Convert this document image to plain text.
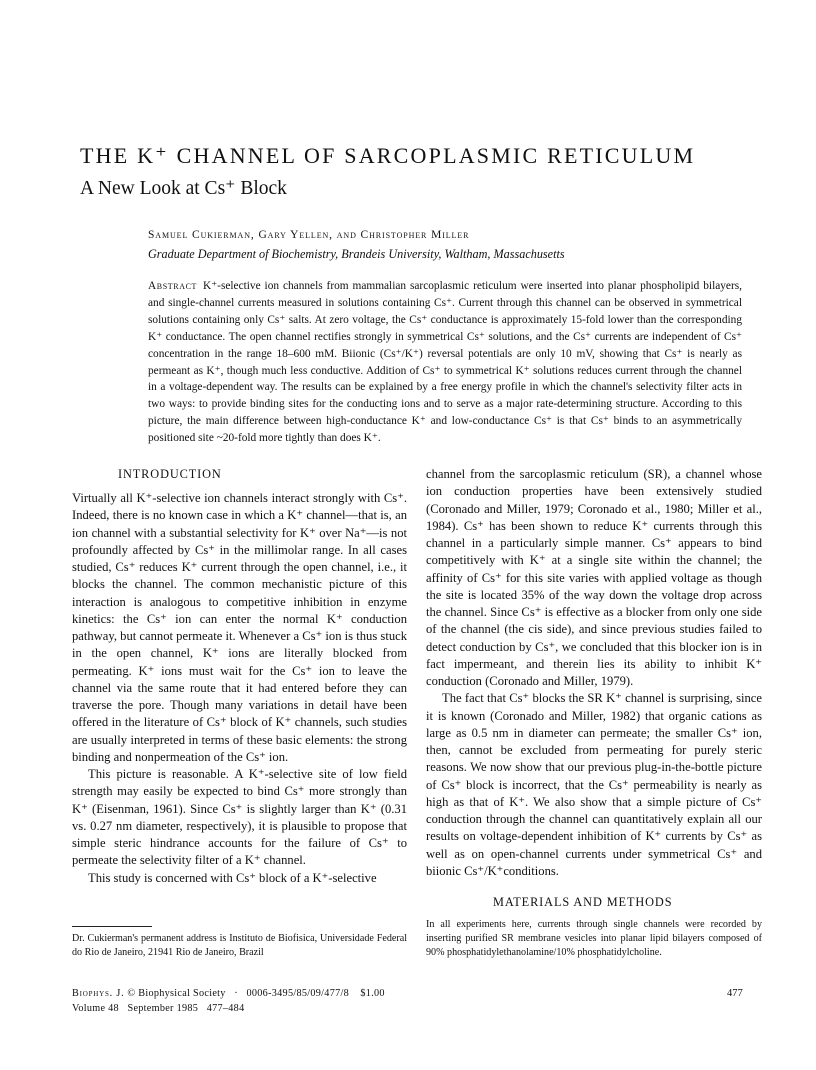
THE K⁺ CHANNEL OF SARCOPLASMIC RETICULUM
A New Look at Cs⁺ Block
Samuel Cukierman, Gary Yellen, and Christopher Miller
Graduate Department of Biochemistry, Brandeis University, Waltham, Massachusetts
Abstract K⁺-selective ion channels from mammalian sarcoplasmic reticulum were inserted into planar phospholipid bilayers, and single-channel currents measured in solutions containing Cs⁺. Current through this channel can be observed in symmetrical solutions containing only Cs⁺ salts. At zero voltage, the Cs⁺ conductance is approximately 15-fold lower than the corresponding K⁺ conductance. The open channel rectifies strongly in symmetrical Cs⁺ solutions, and the Cs⁺ currents are independent of Cs⁺ concentration in the range 18–600 mM. Biionic (Cs⁺/K⁺) reversal potentials are only 10 mV, showing that Cs⁺ is nearly as permeant as K⁺, though much less conductive. Addition of Cs⁺ to symmetrical K⁺ solutions reduces current through the channel in a voltage-dependent way. The results can be explained by a free energy profile in which the channel's selectivity filter acts in two ways: to provide binding sites for the conducting ions and to serve as a major rate-determining structure. According to this picture, the main difference between high-conductance K⁺ and low-conductance Cs⁺ is that Cs⁺ binds to an asymmetrically positioned site ~20-fold more tightly than does K⁺.
INTRODUCTION

Virtually all K⁺-selective ion channels interact strongly with Cs⁺. Indeed, there is no known case in which a K⁺ channel—that is, an ion channel with a substantial selectivity for K⁺ over Na⁺—is not profoundly affected by Cs⁺ in the millimolar range. In all cases studied, Cs⁺ reduces K⁺ current through the open channel, i.e., it blocks the channel. The common mechanistic picture of this interaction is analogous to competitive inhibition in enzyme kinetics: the Cs⁺ ion can enter the normal K⁺ conduction pathway, but cannot permeate it. Whenever a Cs⁺ ion is thus stuck in the open channel, K⁺ ions are literally blocked from permeating. K⁺ ions must wait for the Cs⁺ ion to leave the channel via the same route that it had entered before they can traverse the pore. Though many variations in detail have been offered in the literature of Cs⁺ block of K⁺ channels, such studies are usually interpreted in terms of these basic elements: the strong binding and nonpermeation of the Cs⁺ ion.

This picture is reasonable. A K⁺-selective site of low field strength may easily be expected to bind Cs⁺ more strongly than K⁺ (Eisenman, 1961). Since Cs⁺ is slightly larger than K⁺ (0.31 vs. 0.27 nm diameter, respectively), it is plausible to propose that simple steric hindrance accounts for the failure of Cs⁺ to permeate the selectivity filter of a K⁺ channel.

This study is concerned with Cs⁺ block of a K⁺-selective

channel from the sarcoplasmic reticulum (SR), a channel whose ion conduction properties have been extensively studied (Coronado and Miller, 1979; Coronado et al., 1980; Miller et al., 1984). Cs⁺ has been shown to reduce K⁺ currents through this channel in a particularly simple manner. Cs⁺ appears to bind competitively with K⁺ at a single site within the channel; the affinity of Cs⁺ for this site varies with applied voltage as though the site is located 35% of the way down the voltage drop across the channel. Since Cs⁺ is effective as a blocker from only one side of the channel (the cis side), and since previous studies failed to detect conduction by Cs⁺, we concluded that this blocker ion is in fact impermeant, and therein lies its ability to inhibit K⁺ conduction (Coronado and Miller, 1979).

The fact that Cs⁺ blocks the SR K⁺ channel is surprising, since it is known (Coronado and Miller, 1982) that organic cations as large as 0.5 nm in diameter can permeate; the smaller Cs⁺ ion, then, cannot be excluded from permeating for purely steric reasons. We now show that our previous plug-in-the-bottle picture of Cs⁺ block is incorrect, that the Cs⁺ permeability is nearly as high as that of K⁺. We also show that a simple picture of Cs⁺ conduction through the channel can quantitatively explain all our results on voltage-dependent inhibition of K⁺ currents by Cs⁺ as well as on open-channel currents under symmetrical Cs⁺ and biionic Cs⁺/K⁺conditions.

MATERIALS AND METHODS
In all experiments here, currents through single channels were recorded by inserting purified SR membrane vesicles into planar lipid bilayers composed of 90% phosphatidylethanolamine/10% phosphatidylcholine.
Dr. Cukierman's permanent address is Instituto de Biofisica, Universidade Federal do Rio de Janeiro, 21941 Rio de Janeiro, Brazil
Biophys. J. © Biophysical Society   ·   0006-3495/85/09/477/8 $1.00
Volume 48   September 1985   477–484
477
